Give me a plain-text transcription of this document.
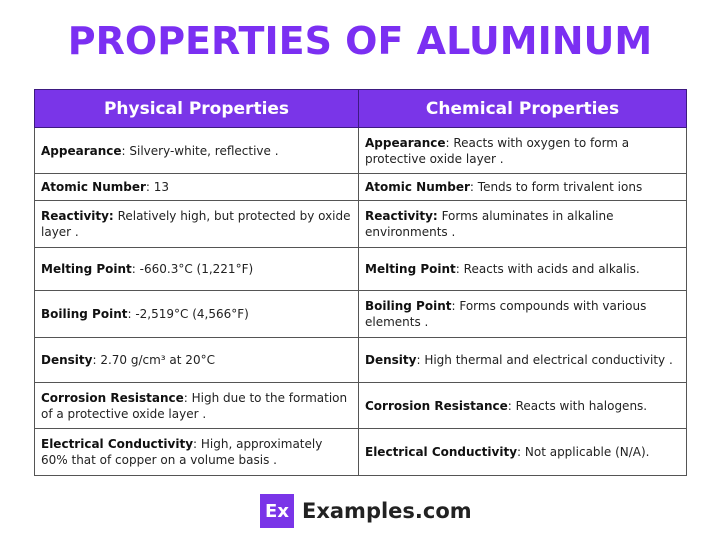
PROPERTIES OF ALUMINUM
Physical Properties	Chemical Properties
Appearance: Silvery-white, reflective .	Appearance: Reacts with oxygen to form a protective oxide layer .
Atomic Number: 13	Atomic Number: Tends to form trivalent ions
Reactivity: Relatively high, but protected by oxide layer .	Reactivity: Forms aluminates in alkaline environments .
Melting Point: -660.3°C (1,221°F)	Melting Point: Reacts with acids and alkalis.
Boiling Point: -2,519°C (4,566°F)	Boiling Point: Forms compounds with various elements .
Density: 2.70 g/cm³ at 20°C	Density: High thermal and electrical conductivity .
Corrosion Resistance: High due to the formation of a protective oxide layer .	Corrosion Resistance: Reacts with halogens.
Electrical Conductivity: High, approximately 60% that of copper on a volume basis .	Electrical Conductivity: Not applicable (N/A).
Ex Examples.com
